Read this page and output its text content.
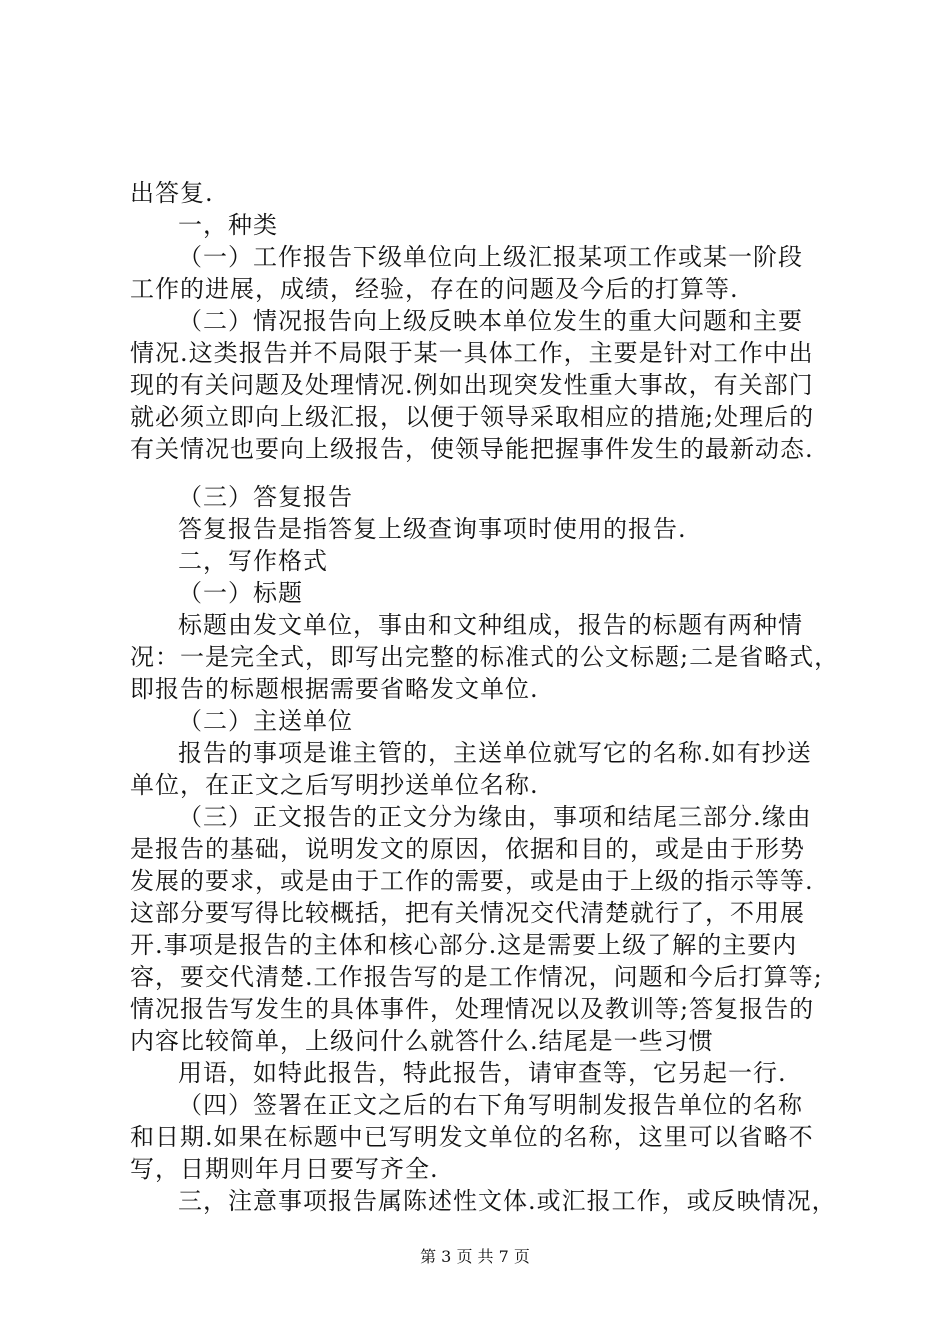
出答复.
一，种类
（一）工作报告下级单位向上级汇报某项工作或某一阶段
工作的进展，成绩，经验，存在的问题及今后的打算等.
（二）情况报告向上级反映本单位发生的重大问题和主要
情况.这类报告并不局限于某一具体工作，主要是针对工作中出
现的有关问题及处理情况.例如出现突发性重大事故，有关部门
就必须立即向上级汇报，以便于领导采取相应的措施;处理后的
有关情况也要向上级报告，使领导能把握事件发生的最新动态.
（三）答复报告
答复报告是指答复上级查询事项时使用的报告.
二，写作格式
（一）标题
标题由发文单位，事由和文种组成，报告的标题有两种情
况：一是完全式，即写出完整的标准式的公文标题;二是省略式，
即报告的标题根据需要省略发文单位.
（二）主送单位
报告的事项是谁主管的，主送单位就写它的名称.如有抄送
单位，在正文之后写明抄送单位名称.
（三）正文报告的正文分为缘由，事项和结尾三部分.缘由
是报告的基础，说明发文的原因，依据和目的，或是由于形势
发展的要求，或是由于工作的需要，或是由于上级的指示等等.
这部分要写得比较概括，把有关情况交代清楚就行了，不用展
开.事项是报告的主体和核心部分.这是需要上级了解的主要内
容，要交代清楚.工作报告写的是工作情况，问题和今后打算等;
情况报告写发生的具体事件，处理情况以及教训等;答复报告的
内容比较简单，上级问什么就答什么.结尾是一些习惯
用语，如特此报告，特此报告，请审查等，它另起一行.
（四）签署在正文之后的右下角写明制发报告单位的名称
和日期.如果在标题中已写明发文单位的名称，这里可以省略不
写，日期则年月日要写齐全.
三，注意事项报告属陈述性文体.或汇报工作，或反映情况，
第 3 页 共 7 页
